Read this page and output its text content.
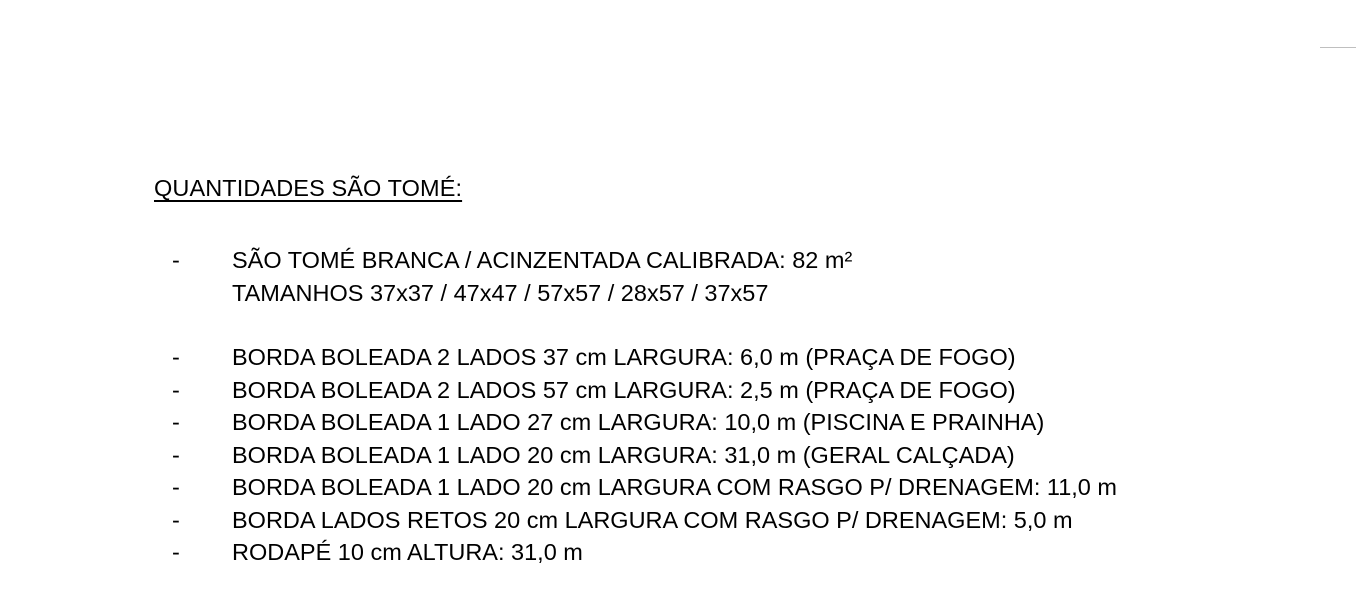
QUANTIDADES SÃO TOMÉ:
-	SÃO TOMÉ BRANCA / ACINZENTADA CALIBRADA: 82 m²
TAMANHOS 37x37 / 47x47 / 57x57 / 28x57 / 37x57
-	BORDA BOLEADA 2 LADOS 37 cm LARGURA: 6,0 m (PRAÇA DE FOGO)
-	BORDA BOLEADA 2 LADOS 57 cm LARGURA: 2,5 m (PRAÇA DE FOGO)
-	BORDA BOLEADA 1 LADO 27 cm LARGURA: 10,0 m (PISCINA E PRAINHA)
-	BORDA BOLEADA 1 LADO 20 cm LARGURA: 31,0 m (GERAL CALÇADA)
-	BORDA BOLEADA 1 LADO 20 cm LARGURA COM RASGO P/ DRENAGEM: 11,0 m
-	BORDA LADOS RETOS 20 cm LARGURA COM RASGO P/ DRENAGEM: 5,0 m
-	RODAPÉ 10 cm ALTURA: 31,0 m
